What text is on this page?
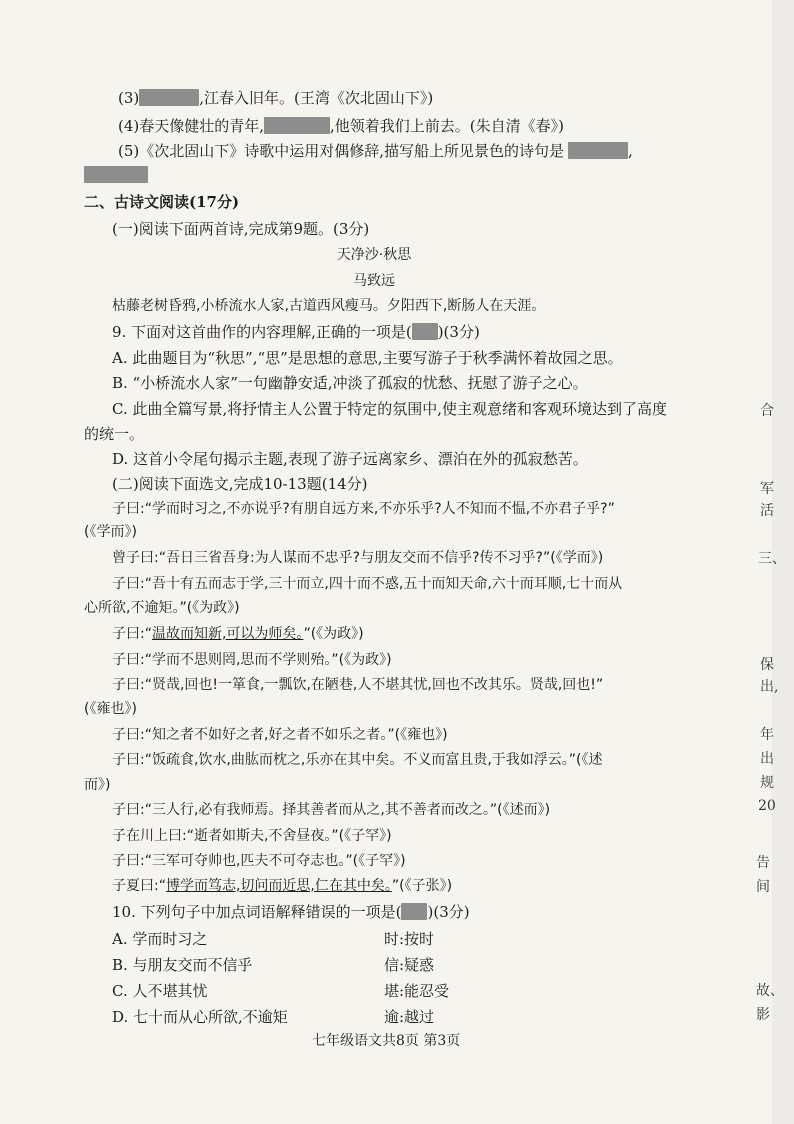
(3)	,江春入旧年。(王湾《次北固山下》)
(4)春天像健壮的青年,	,他领着我们上前去。(朱自清《春》)
(5)《次北固山下》诗歌中运用对偶修辞,描写船上所见景色的诗句是	,
二、古诗文阅读(17分)
(一)阅读下面两首诗,完成第9题。(3分)
天净沙·秋思
马致远
枯藤老树昏鸦,小桥流水人家,古道西风瘦马。夕阳西下,断肠人在天涯。
9. 下面对这首曲作的内容理解,正确的一项是( )(3分)
A. 此曲题目为“秋思”,“思”是思想的意思,主要写游子于秋季满怀着故园之思。
B. “小桥流水人家”一句幽静安适,冲淡了孤寂的忧愁、抚慰了游子之心。
C. 此曲全篇写景,将抒情主人公置于特定的氛围中,使主观意绪和客观环境达到了高度
的统一。
D. 这首小令尾句揭示主题,表现了游子远离家乡、漂泊在外的孤寂愁苦。
(二)阅读下面选文,完成10-13题(14分)
子曰:“学而时习之,不亦说乎?有朋自远方来,不亦乐乎?人不知而不愠,不亦君子乎?”
(《学而》)
曾子曰:“吾日三省吾身:为人谋而不忠乎?与朋友交而不信乎?传不习乎?”(《学而》)
子曰:“吾十有五而志于学,三十而立,四十而不惑,五十而知天命,六十而耳顺,七十而从
心所欲,不逾矩。”(《为政》)
子曰:“温故而知新,可以为师矣。”(《为政》)
子曰:“学而不思则罔,思而不学则殆。”(《为政》)
子曰:“贤哉,回也!一箪食,一瓢饮,在陋巷,人不堪其忧,回也不改其乐。贤哉,回也!”
(《雍也》)
子曰:“知之者不如好之者,好之者不如乐之者。”(《雍也》)
子曰:“饭疏食,饮水,曲肱而枕之,乐亦在其中矣。不义而富且贵,于我如浮云。”(《述
而》)
子曰:“三人行,必有我师焉。择其善者而从之,其不善者而改之。”(《述而》)
子在川上曰:“逝者如斯夫,不舍昼夜。”(《子罕》)
子曰:“三军可夺帅也,匹夫不可夺志也。”(《子罕》)
子夏曰:“博学而笃志,切问而近思,仁在其中矣。”(《子张》)
10. 下列句子中加点词语解释错误的一项是( )(3分)
A. 学而时习之	时:按时
B. 与朋友交而不信乎	信:疑惑
C. 人不堪其忧	堪:能忍受
D. 七十而从心所欲,不逾矩	逾:越过
七年级语文共8页 第3页
合
军
活
三、
保
出,
年
出
规
20
告
间
故、
影
